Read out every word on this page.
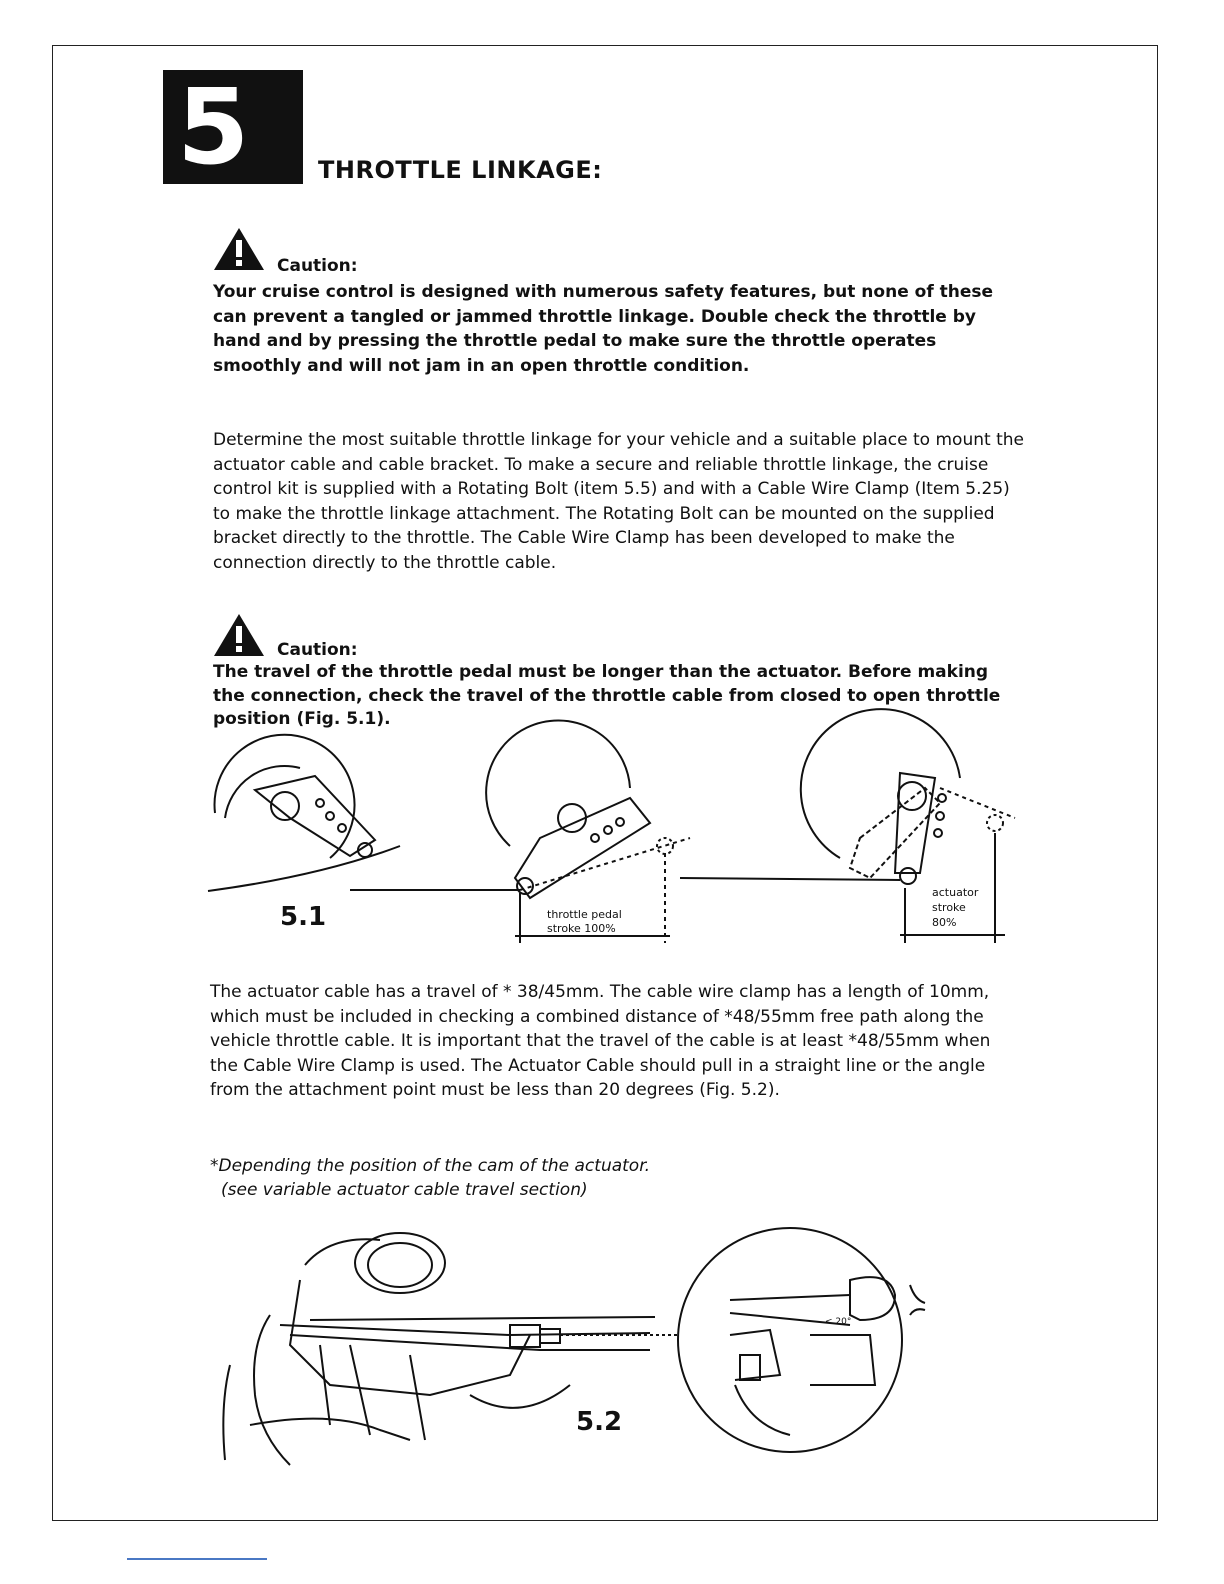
5	THROTTLE LINKAGE:
Caution:
Your cruise control is designed with numerous safety features, but none of these can prevent a tangled or jammed throttle linkage. Double check the throttle by hand and by pressing the throttle pedal to make sure the throttle operates smoothly and will not jam in an open throttle condition.
Determine the most suitable throttle linkage for your vehicle and a suitable place to mount the actuator cable and cable bracket. To make a secure and reliable throttle linkage, the cruise control kit is supplied with a Rotating Bolt (item 5.5) and with a Cable Wire Clamp (Item 5.25) to make the throttle linkage attachment. The Rotating Bolt can be mounted on the supplied bracket directly to the throttle. The Cable Wire Clamp has been developed to make the connection directly to the throttle cable.
Caution:
The travel of the throttle pedal must be longer than the actuator. Before making the connection, check the travel of the throttle cable from closed to open throttle position (Fig. 5.1).
5.1	throttle pedal
stroke 100%
actuator
stroke
80%
The actuator cable has a travel of * 38/45mm. The cable wire clamp has a length of 10mm, which must be included in checking a combined distance of *48/55mm free path along the vehicle throttle cable. It is important that the travel of the cable is at least *48/55mm when the Cable Wire Clamp is used. The Actuator Cable should pull in a straight line or the angle from the attachment point must be less than 20 degrees (Fig. 5.2).
*Depending the position of the cam of the actuator.
(see variable actuator cable travel section)
< 20°
5.2
